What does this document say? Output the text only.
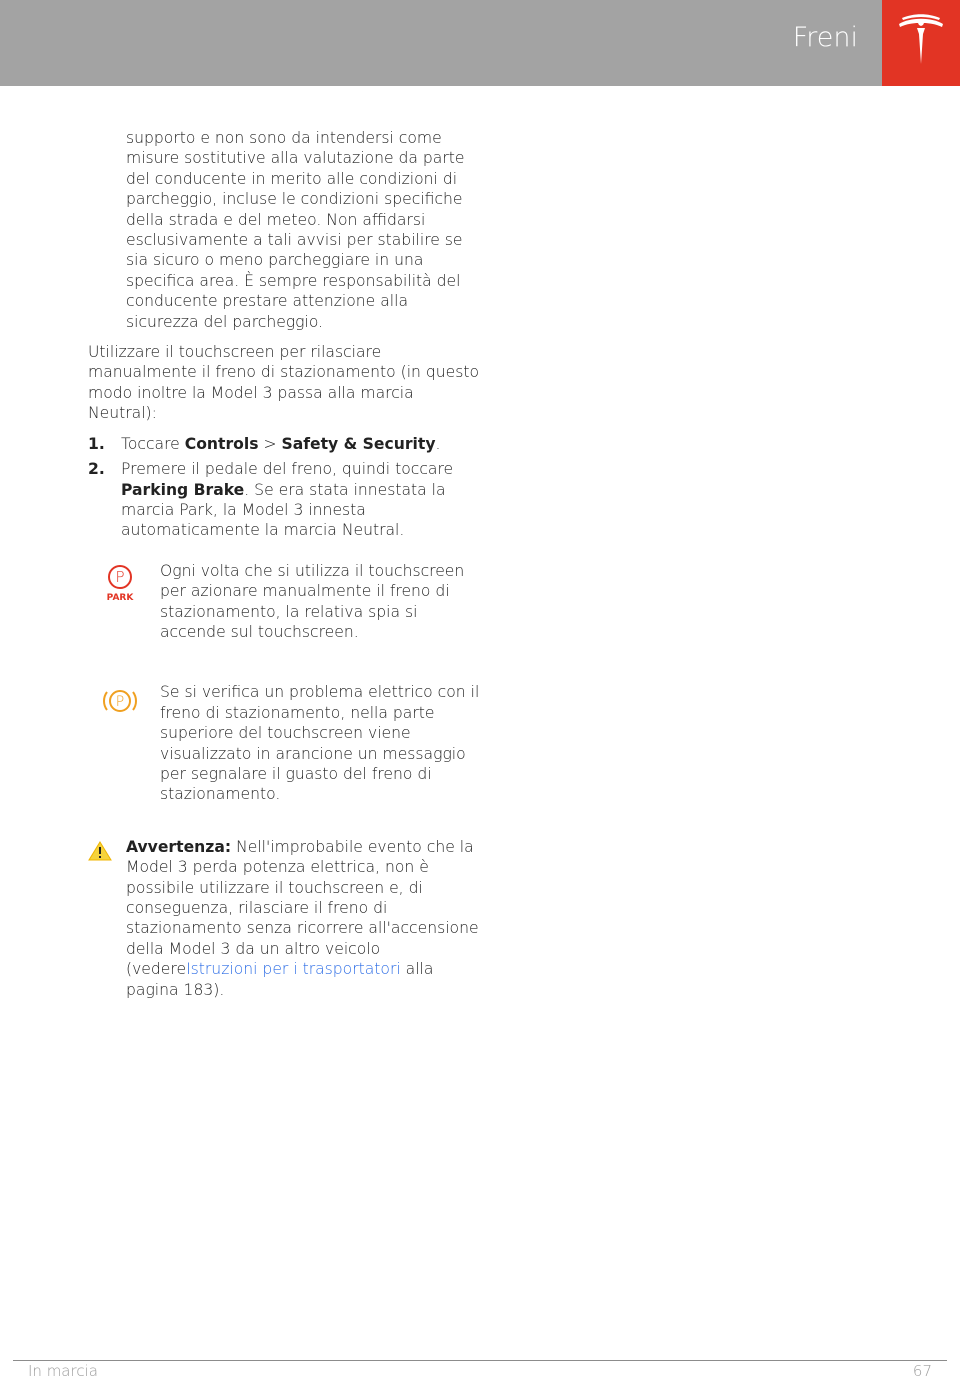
Freni

supporto e non sono da intendersi come misure sostitutive alla valutazione da parte del conducente in merito alle condizioni di parcheggio, incluse le condizioni specifiche della strada e del meteo. Non affidarsi esclusivamente a tali avvisi per stabilire se sia sicuro o meno parcheggiare in una specifica area. È sempre responsabilità del conducente prestare attenzione alla sicurezza del parcheggio.

Utilizzare il touchscreen per rilasciare manualmente il freno di stazionamento (in questo modo inoltre la Model 3 passa alla marcia Neutral):

1. Toccare Controls > Safety & Security.
2. Premere il pedale del freno, quindi toccare Parking Brake. Se era stata innestata la marcia Park, la Model 3 innesta automaticamente la marcia Neutral.
P
PARK

Ogni volta che si utilizza il touchscreen per azionare manualmente il freno di stazionamento, la relativa spia si accende sul touchscreen.

P

Se si verifica un problema elettrico con il freno di stazionamento, nella parte superiore del touchscreen viene visualizzato in arancione un messaggio per segnalare il guasto del freno di stazionamento.

Avvertenza: Nell'improbabile evento che la Model 3 perda potenza elettrica, non è possibile utilizzare il touchscreen e, di conseguenza, rilasciare il freno di stazionamento senza ricorrere all'accensione della Model 3 da un altro veicolo (vedereIstruzioni per i trasportatori alla pagina 183).

In marcia	67
